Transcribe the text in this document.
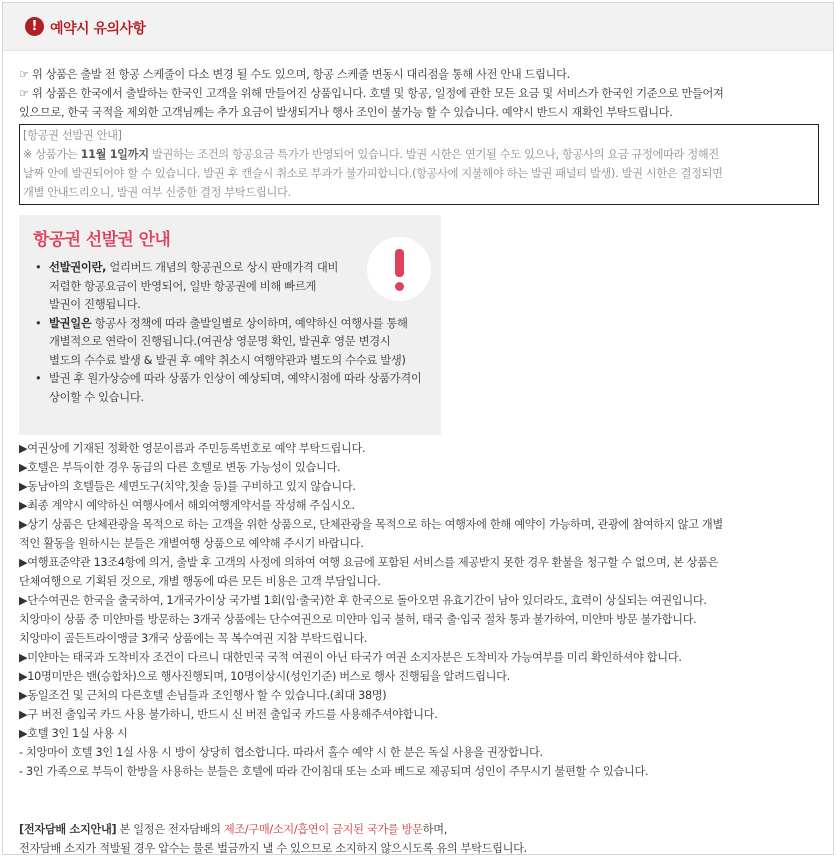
! 예약시 유의사항
☞ 위 상품은 출발 전 항공 스케줄이 다소 변경 될 수도 있으며, 항공 스케줄 변동시 대리점을 통해 사전 안내 드립니다.
☞ 위 상품은 한국에서 출발하는 한국인 고객을 위해 만들어진 상품입니다. 호텔 및 항공, 일정에 관한 모든 요금 및 서비스가 한국인 기준으로 만들어져
있으므로, 한국 국적을 제외한 고객님께는 추가 요금이 발생되거나 행사 조인이 불가능 할 수 있습니다. 예약시 반드시 재확인 부탁드립니다.
[항공권 선발권 안내]
※ 상품가는 11월 1일까지 발권하는 조건의 항공요금 특가가 반영되어 있습니다. 발권 시한은 연기될 수도 있으나, 항공사의 요금 규정에따라 정해진
날짜 안에 발권되어야 할 수 있습니다. 발권 후 캔슬시 취소로 부과가 불가피합니다.(항공사에 지불해야 하는 발권 패널티 발생). 발권 시한은 결정되면
개별 안내드리오니, 발권 여부 신중한 결정 부탁드립니다.
항공권 선발권 안내
• 선발권이란, 얼리버드 개념의 항공권으로 상시 판매가격 대비
저렴한 항공요금이 반영되어, 일반 항공권에 비해 빠르게
발권이 진행됩니다.
• 발권일은 항공사 정책에 따라 출발일별로 상이하며, 예약하신 여행사를 통해
개별적으로 연락이 진행됩니다.(여권상 영문명 확인, 발권후 영문 변경시
별도의 수수료 발생 & 발권 후 예약 취소시 여행약관과 별도의 수수료 발생)
• 발권 후 원가상승에 따라 상품가 인상이 예상되며, 예약시점에 따라 상품가격이
상이할 수 있습니다.
▶여권상에 기재된 정확한 영문이름과 주민등록번호로 예약 부탁드립니다.
▶호텔은 부득이한 경우 동급의 다른 호텔로 변동 가능성이 있습니다.
▶동남아의 호텔들은 세면도구(치약,칫솔 등)를 구비하고 있지 않습니다.
▶최종 계약시 예약하신 여행사에서 해외여행계약서를 작성해 주십시오.
▶상기 상품은 단체관광을 목적으로 하는 고객을 위한 상품으로, 단체관광을 목적으로 하는 여행자에 한해 예약이 가능하며, 관광에 참여하지 않고 개별
적인 활동을 원하시는 분들은 개별여행 상품으로 예약해 주시기 바랍니다.
▶여행표준약관 13조4항에 의거, 출발 후 고객의 사정에 의하여 여행 요금에 포함된 서비스를 제공받지 못한 경우 환불을 청구할 수 없으며, 본 상품은
단체여행으로 기획된 것으로, 개별 행동에 따른 모든 비용은 고객 부담입니다.
▶단수여권은 한국을 출국하여, 1개국가이상 국가별 1회(입·출국)한 후 한국으로 돌아오면 유효기간이 남아 있더라도, 효력이 상실되는 여권입니다.
치앙마이 상품 중 미얀마를 방문하는 3개국 상품에는 단수여권으로 미얀마 입국 불허, 태국 출·입국 절차 통과 불가하여, 미얀마 방문 불가합니다.
치앙마이 골든트라이앵글 3개국 상품에는 꼭 복수여권 지참 부탁드립니다.
▶미얀마는 태국과 도착비자 조건이 다르니 대한민국 국적 여권이 아닌 타국가 여권 소지자분은 도착비자 가능여부를 미리 확인하셔야 합니다.
▶10명미만은 밴(승합차)으로 행사진행되며, 10명이상시(성인기준) 버스로 행사 진행됨을 알려드립니다.
▶동일조건 및 근처의 다른호텔 손님들과 조인행사 할 수 있습니다.(최대 38명)
▶구 버전 출입국 카드 사용 불가하니, 반드시 신 버전 출입국 카드를 사용해주셔야합니다.
▶호텔 3인 1실 사용 시
- 치앙마이 호텔 3인 1실 사용 시 방이 상당히 협소합니다. 따라서 홀수 예약 시 한 분은 독실 사용을 권장합니다.
- 3인 가족으로 부득이 한방을 사용하는 분들은 호텔에 따라 간이침대 또는 소파 베드로 제공되며 성인이 주무시기 불편할 수 있습니다.
[전자담배 소지안내] 본 일정은 전자담배의 제조/구매/소지/흡연이 금지된 국가를 방문하며,
전자담배 소지가 적발될 경우 압수는 물론 벌금까지 낼 수 있으므로 소지하지 않으시도록 유의 부탁드립니다.
